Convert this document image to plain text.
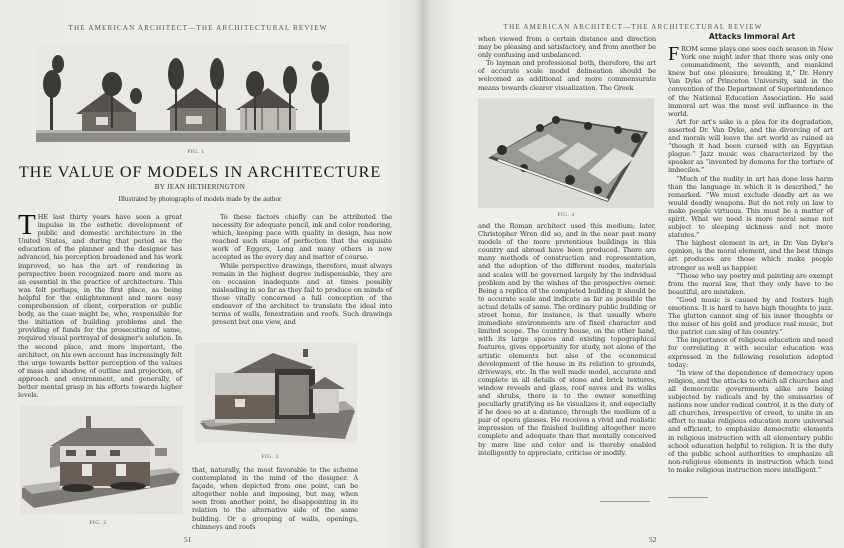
THE AMERICAN ARCHITECT—THE ARCHITECTURAL REVIEW
FIG. 1
THE VALUE OF MODELS IN ARCHITECTURE
BY JEAN HETHERINGTON
Illustrated by photographs of models made by the author

THE last thirty years have seen a great impulse in the esthetic development of public and domestic architecture in the United States, and during that period as the education of the planner and the designer has advanced, his perception broadened and his work improved, so has the art of rendering in perspective been recognized more and more as an essential in the practice of architecture. This was felt perhaps, in the first place, as being helpful for the enlightenment and more easy comprehension of client, corporation or public body, as the case might be, who, responsible for the initiation of building problems and the providing of funds for the prosecuting of same, required visual portrayal of designer's solution. In the second place, and more important, the architect, on his own account has increasingly felt the urge towards better perception of the values of mass and shadow, of outline and projection, of approach and environment, and generally, of better mental grasp in his efforts towards higher levels.

To these factors chiefly can be attributed the necessity for adequate pencil, ink and color rendering, which, keeping pace with quality in design, has now reached such stage of perfection that the exquisite work of Eggers, Long and many others is now accepted as the every day and matter of course.

While perspective drawings, therefore, must always remain in the highest degree indispensable, they are on occasion inadequate and at times possibly misleading in so far as they fail to produce on minds of those vitally concerned a full conception of the endeavor of the architect to translate the ideal into terms of walls, fenestration and roofs. Such drawings present but one view, and

FIG. 3

that, naturally, the most favorable to the scheme contemplated in the mind of the designer. A façade, when depicted from one point, can be altogether noble and imposing, but may, when seen from another point, be disappointing in its relation to the alternative side of the same building. Or a grouping of walls, openings, chimneys and roofs

FIG. 2
51
THE AMERICAN ARCHITECT—THE ARCHITECTURAL REVIEW

when viewed from a certain distance and direction may be pleasing and satisfactory, and from another be only confusing and unbalanced.

To layman and professional both, therefore, the art of accurate scale model delineation should be welcomed as additional and more commensurate means towards clearer visualization. The Greek

FIG. 4

and the Roman architect used this medium; later, Christopher Wren did so, and in the near past many models of the more pretentious buildings in this country and abroad have been produced. There are many methods of construction and representation, and the adoption of the different modes, materials and scales will be governed largely by the individual problem and by the wishes of the prospective owner. Being a replica of the completed building it should be to accurate scale and indicate as far as possible the actual details of same. The ordinary public building or street home, for instance, is that usually where immediate environments are of fixed character and limited scope. The country house, on the other hand, with its large spaces and existing topographical features, gives opportunity for study, not alone of the artistic elements but also of the economical development of the house in its relation to grounds, driveways, etc. In the well made model, accurate and complete in all details of stone and brick textures, window reveals and glass, roof eaves and its walks and shrubs, there is to the owner something peculiarly gratifying as he visualizes it, and especially if he does so at a distance, through the medium of a pair of opera glasses. He receives a vivid and realistic impression of the finished building altogether more complete and adequate than that mentally conceived by mere line and color and is thereby enabled intelligently to appreciate, criticise or modify.

FROM some plays one sees each season in New York one might infer that there was only one commandment, the seventh, and mankind knew but one pleasure, breaking it,” Dr. Henry Van Dyke of Princeton University, said in the convention of the Department of Superintendence of the National Education Association. He said immoral art was the most evil influence in the world.

Art for art's sake is a plea for its degradation, asserted Dr. Van Dyke, and the divorcing of art and morals will leave the art world as ruined as “though it had been cursed with an Egyptian plague.” Jazz music was characterized by the speaker as “invented by demons for the torture of imbeciles.”

“Much of the nudity in art has done less harm than the language in which it is described,” he remarked. “We must exclude deadly art as we would deadly weapons. But do not rely on law to make people virtuous. This must be a matter of spirit. What we need is more moral sense not subject to sleeping sickness and not more statutes.”

The highest element in art, in Dr. Van Dyke's opinion, is the moral element, and the best things art produces are those which make people stronger as well as happier.

“Those who say poetry and painting are exempt from the moral law, that they only have to be beautiful, are mistaken.

“Good music is caused by and fosters high emotions. It is hard to have high thoughts to jazz. The glutton cannot sing of his inner thoughts or the miser of his gold and produce real music, but the patriot can sing of his country.”

The importance of religious education and need for correlating it with secular education was expressed in the following resolution adopted today:

“In view of the dependence of democracy upon religion, and the attacks to which all churches and all democratic governments alike are being subjected by radicals and by the emissaries of nations now under radical control, it is the duty of all churches, irrespective of creed, to unite in an effort to make religious education more universal and efficient, to emphasize democratic elements in religious instruction with all elementary public school education helpful to religion. It is the duty of the public school authorities to emphasize all non-religious elements in instruction which tend to make religious instruction more intelligent.”

52
Attacks Immoral Art
